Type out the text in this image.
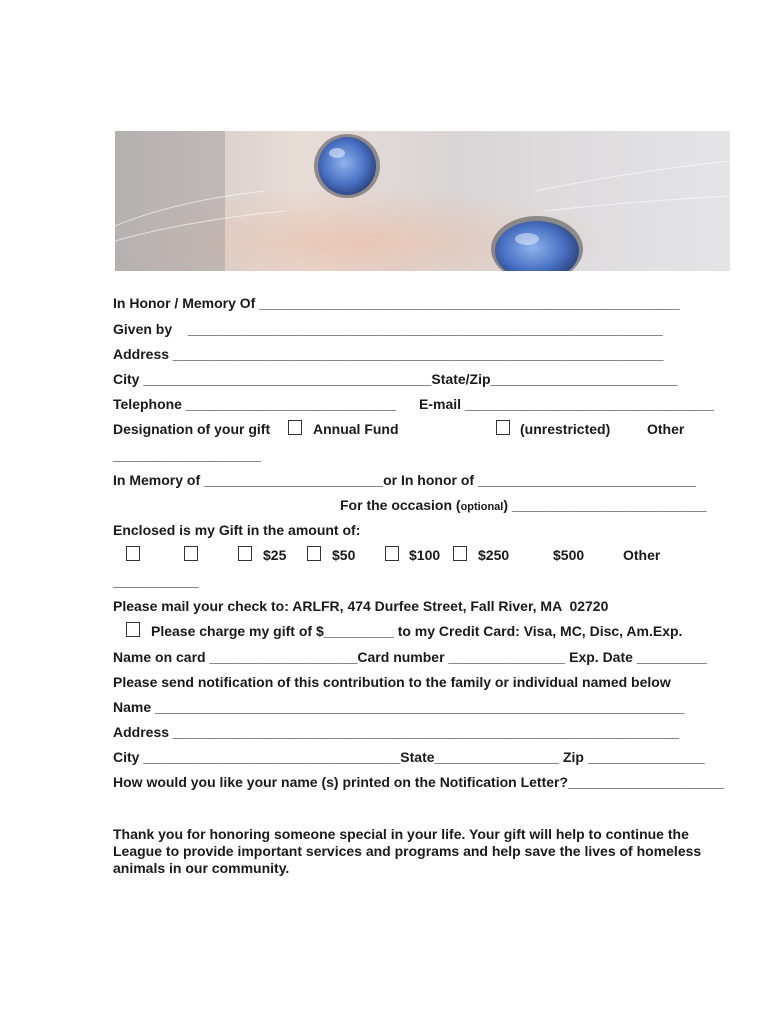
In Honor / Memory Of ______________________________________________________
Given by    _____________________________________________________________
Address _______________________________________________________________
City _____________________________________State/Zip________________________
Telephone ___________________________ E-mail ________________________________
Designation of your gift	Annual Fund	(unrestricted)	Other
___________________
In Memory of _______________________or In honor of ____________________________
For the occasion (optional) _________________________
Enclosed is my Gift in the amount of:
$25	$50	$100	$250	$500	Other
___________
Please mail your check to: ARLFR, 474 Durfee Street, Fall River, MA  02720
Please charge my gift of $_________ to my Credit Card: Visa, MC, Disc, Am.Exp.
Name on card ___________________Card number _______________ Exp. Date _________
Please send notification of this contribution to the family or individual named below
Name ____________________________________________________________________
Address _________________________________________________________________
City _________________________________State________________ Zip _______________
How would you like your name (s) printed on the Notification Letter?____________________
Thank you for honoring someone special in your life. Your gift will help to continue the League to provide important services and programs and help save the lives of homeless animals in our community.
